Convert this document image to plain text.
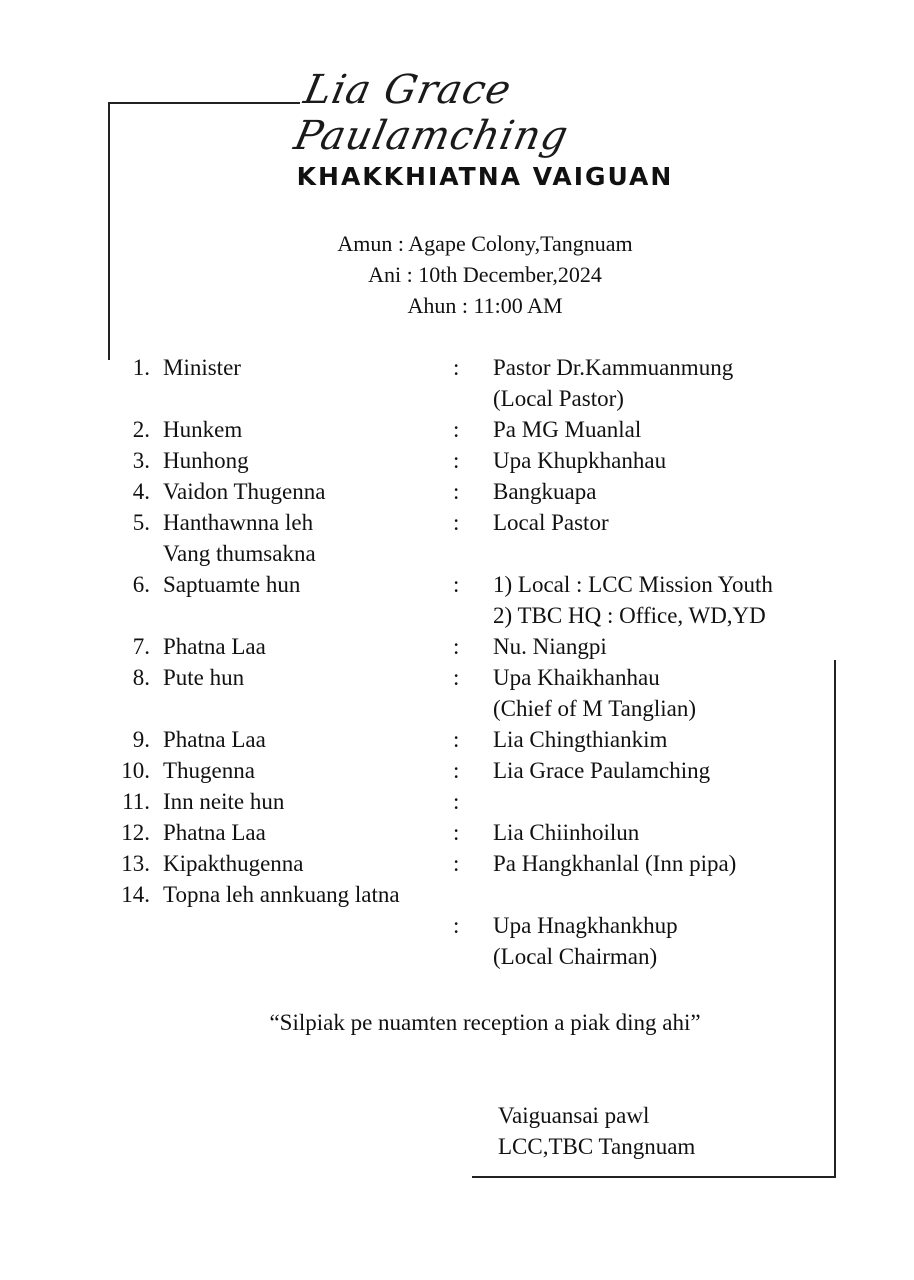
Lia Grace Paulamching
KHAKKHIATNA VAIGUAN
Amun : Agape Colony,Tangnuam
Ani : 10th December,2024
Ahun : 11:00 AM
1. Minister	:	Pastor Dr.Kammuanmung
(Local Pastor)
2. Hunkem	:	Pa MG Muanlal
3. Hunhong	:	Upa Khupkhanhau
4. Vaidon Thugenna	:	Bangkuapa
5. Hanthawnna leh	:	Local Pastor
Vang thumsakna
6. Saptuamte hun	:	1) Local : LCC Mission Youth
2) TBC HQ : Office, WD,YD
7. Phatna Laa	:	Nu. Niangpi
8. Pute hun	:	Upa Khaikhanhau
(Chief of M Tanglian)
9. Phatna Laa	:	Lia Chingthiankim
10. Thugenna	:	Lia Grace Paulamching
11. Inn neite hun	:
12. Phatna Laa	:	Lia Chiinhoilun
13. Kipakthugenna	:	Pa Hangkhanlal (Inn pipa)
14. Topna leh annkuang latna
:	Upa Hnagkhankhup
(Local Chairman)
“Silpiak pe nuamten reception a piak ding ahi”
Vaiguansai pawl
LCC,TBC Tangnuam
